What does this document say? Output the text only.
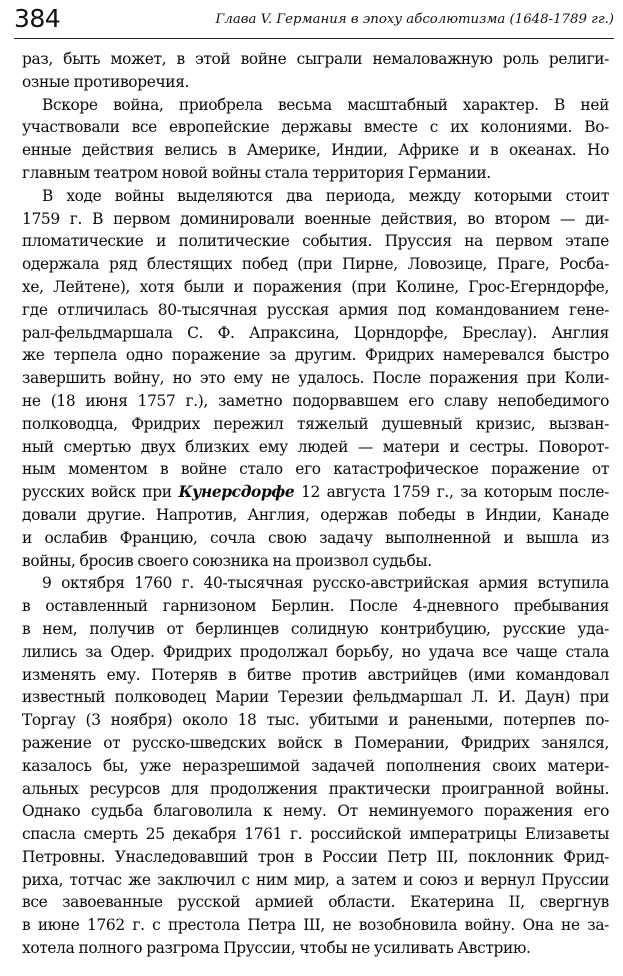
384	Глава V. Германия в эпоху абсолютизма (1648-1789 гг.)
раз, быть может, в этой войне сыграли немаловажную роль религи-
озные противоречия.
Вскоре война, приобрела весьма масштабный характер. В ней
участвовали все европейские державы вместе с их колониями. Во-
енные действия велись в Америке, Индии, Африке и в океанах. Но
главным театром новой войны стала территория Германии.
В ходе войны выделяются два периода, между которыми стоит
1759 г. В первом доминировали военные действия, во втором — ди-
пломатические и политические события. Пруссия на первом этапе
одержала ряд блестящих побед (при Пирне, Ловозице, Праге, Росба-
хе, Лейтене), хотя были и поражения (при Колине, Грос-Егерндорфе,
где отличилась 80-тысячная русская армия под командованием гене-
рал-фельдмаршала С. Ф. Апраксина, Цорндорфе, Бреслау). Англия
же терпела одно поражение за другим. Фридрих намеревался быстро
завершить войну, но это ему не удалось. После поражения при Коли-
не (18 июня 1757 г.), заметно подорвавшем его славу непобедимого
полководца, Фридрих пережил тяжелый душевный кризис, вызван-
ный смертью двух близких ему людей — матери и сестры. Поворот-
ным моментом в войне стало его катастрофическое поражение от
русских войск при Кунерсдорфе 12 августа 1759 г., за которым после-
довали другие. Напротив, Англия, одержав победы в Индии, Канаде
и ослабив Францию, сочла свою задачу выполненной и вышла из
войны, бросив своего союзника на произвол судьбы.
9 октября 1760 г. 40-тысячная русско-австрийская армия вступила
в оставленный гарнизоном Берлин. После 4-дневного пребывания
в нем, получив от берлинцев солидную контрибуцию, русские уда-
лились за Одер. Фридрих продолжал борьбу, но удача все чаще стала
изменять ему. Потеряв в битве против австрийцев (ими командовал
известный полководец Марии Терезии фельдмаршал Л. И. Даун) при
Торгау (3 ноября) около 18 тыс. убитыми и ранеными, потерпев по-
ражение от русско-шведских войск в Померании, Фридрих занялся,
казалось бы, уже неразрешимой задачей пополнения своих матери-
альных ресурсов для продолжения практически проигранной войны.
Однако судьба благоволила к нему. От неминуемого поражения его
спасла смерть 25 декабря 1761 г. российской императрицы Елизаветы
Петровны. Унаследовавший трон в России Петр III, поклонник Фрид-
риха, тотчас же заключил с ним мир, а затем и союз и вернул Пруссии
все завоеванные русской армией области. Екатерина II, свергнув
в июне 1762 г. с престола Петра III, не возобновила войну. Она не за-
хотела полного разгрома Пруссии, чтобы не усиливать Австрию.
